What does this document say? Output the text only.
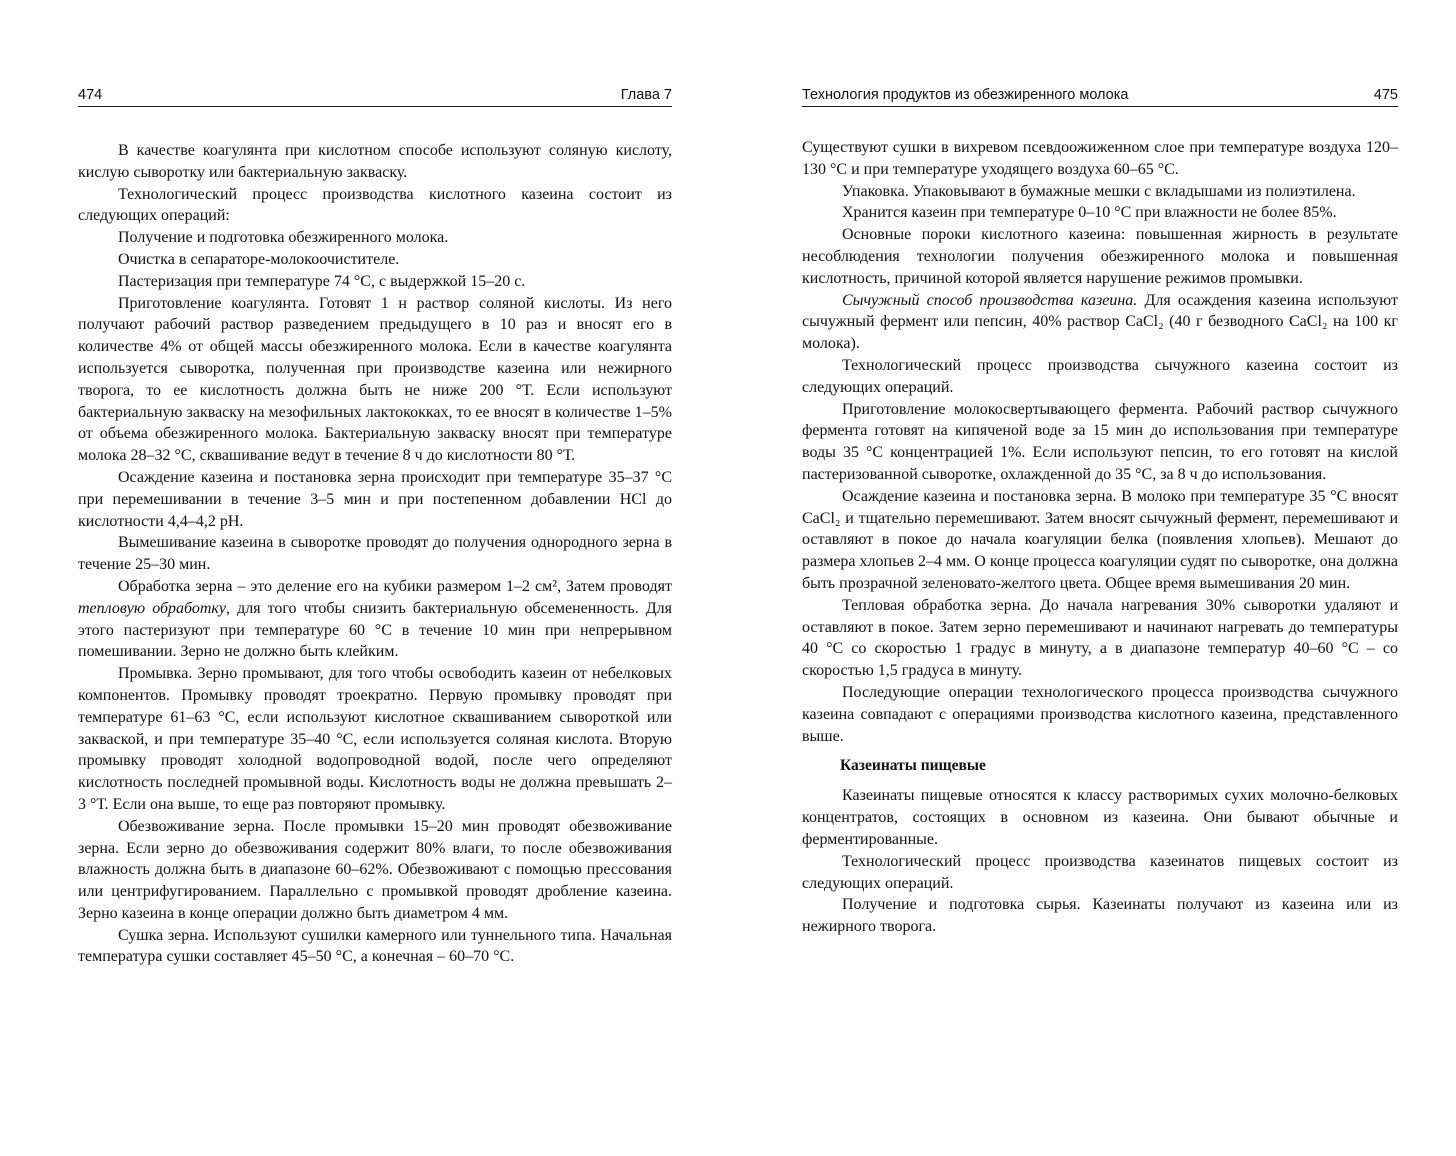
474	Глава 7

В качестве коагулянта при кислотном способе используют соляную кислоту, кислую сыворотку или бактериальную закваску.

Технологический процесс производства кислотного казеина состоит из следующих операций:

Получение и подготовка обезжиренного молока.

Очистка в сепараторе-молокоочистителе.

Пастеризация при температуре 74 °С, с выдержкой 15–20 с.

Приготовление коагулянта. Готовят 1 н раствор соляной кислоты. Из него получают рабочий раствор разведением предыдущего в 10 раз и вносят его в количестве 4% от общей массы обезжиренного молока. Если в качестве коагулянта используется сыворотка, полученная при производстве казеина или нежирного творога, то ее кислотность должна быть не ниже 200 °Т. Если используют бактериальную закваску на мезофильных лактококках, то ее вносят в количестве 1–5% от объема обезжиренного молока. Бактериальную закваску вносят при температуре молока 28–32 °С, сквашивание ведут в течение 8 ч до кислотности 80 °Т.

Осаждение казеина и постановка зерна происходит при температуре 35–37 °С при перемешивании в течение 3–5 мин и при постепенном добавлении HCl до кислотности 4,4–4,2 pH.

Вымешивание казеина в сыворотке проводят до получения однородного зерна в течение 25–30 мин.

Обработка зерна – это деление его на кубики размером 1–2 см², Затем проводят тепловую обработку, для того чтобы снизить бактериальную обсемененность. Для этого пастеризуют при температуре 60 °С в течение 10 мин при непрерывном помешивании. Зерно не должно быть клейким.

Промывка. Зерно промывают, для того чтобы освободить казеин от небелковых компонентов. Промывку проводят троекратно. Первую промывку проводят при температуре 61–63 °С, если используют кислотное сквашиванием сывороткой или закваской, и при температуре 35–40 °С, если используется соляная кислота. Вторую промывку проводят холодной водопроводной водой, после чего определяют кислотность последней промывной воды. Кислотность воды не должна превышать 2–3 °Т. Если она выше, то еще раз повторяют промывку.

Обезвоживание зерна. После промывки 15–20 мин проводят обезвоживание зерна. Если зерно до обезвоживания содержит 80% влаги, то после обезвоживания влажность должна быть в диапазоне 60–62%. Обезвоживают с помощью прессования или центрифугированием. Параллельно с промывкой проводят дробление казеина. Зерно казеина в конце операции должно быть диаметром 4 мм.

Сушка зерна. Используют сушилки камерного или туннельного типа. Начальная температура сушки составляет 45–50 °С, а конечная – 60–70 °С.

Технология продуктов из обезжиренного молока	475

Существуют сушки в вихревом псевдоожиженном слое при температуре воздуха 120–130 °С и при температуре уходящего воздуха 60–65 °С.

Упаковка. Упаковывают в бумажные мешки с вкладышами из полиэтилена.

Хранится казеин при температуре 0–10 °С при влажности не более 85%.

Основные пороки кислотного казеина: повышенная жирность в результате несоблюдения технологии получения обезжиренного молока и повышенная кислотность, причиной которой является нарушение режимов промывки.

Сычужный способ производства казеина. Для осаждения казеина используют сычужный фермент или пепсин, 40% раствор CaCl₂ (40 г безводного CaCl₂ на 100 кг молока).

Технологический процесс производства сычужного казеина состоит из следующих операций.

Приготовление молокосвертывающего фермента. Рабочий раствор сычужного фермента готовят на кипяченой воде за 15 мин до использования при температуре воды 35 °С концентрацией 1%. Если используют пепсин, то его готовят на кислой пастеризованной сыворотке, охлажденной до 35 °С, за 8 ч до использования.

Осаждение казеина и постановка зерна. В молоко при температуре 35 °С вносят CaCl₂ и тщательно перемешивают. Затем вносят сычужный фермент, перемешивают и оставляют в покое до начала коагуляции белка (появления хлопьев). Мешают до размера хлопьев 2–4 мм. О конце процесса коагуляции судят по сыворотке, она должна быть прозрачной зеленовато-желтого цвета. Общее время вымешивания 20 мин.

Тепловая обработка зерна. До начала нагревания 30% сыворотки удаляют и оставляют в покое. Затем зерно перемешивают и начинают нагревать до температуры 40 °С со скоростью 1 градус в минуту, а в диапазоне температур 40–60 °С – со скоростью 1,5 градуса в минуту.

Последующие операции технологического процесса производства сычужного казеина совпадают с операциями производства кислотного казеина, представленного выше.

Казеинаты пищевые

Казеинаты пищевые относятся к классу растворимых сухих молочно-белковых концентратов, состоящих в основном из казеина. Они бывают обычные и ферментированные.

Технологический процесс производства казеинатов пищевых состоит из следующих операций.

Получение и подготовка сырья. Казеинаты получают из казеина или из нежирного творога.
